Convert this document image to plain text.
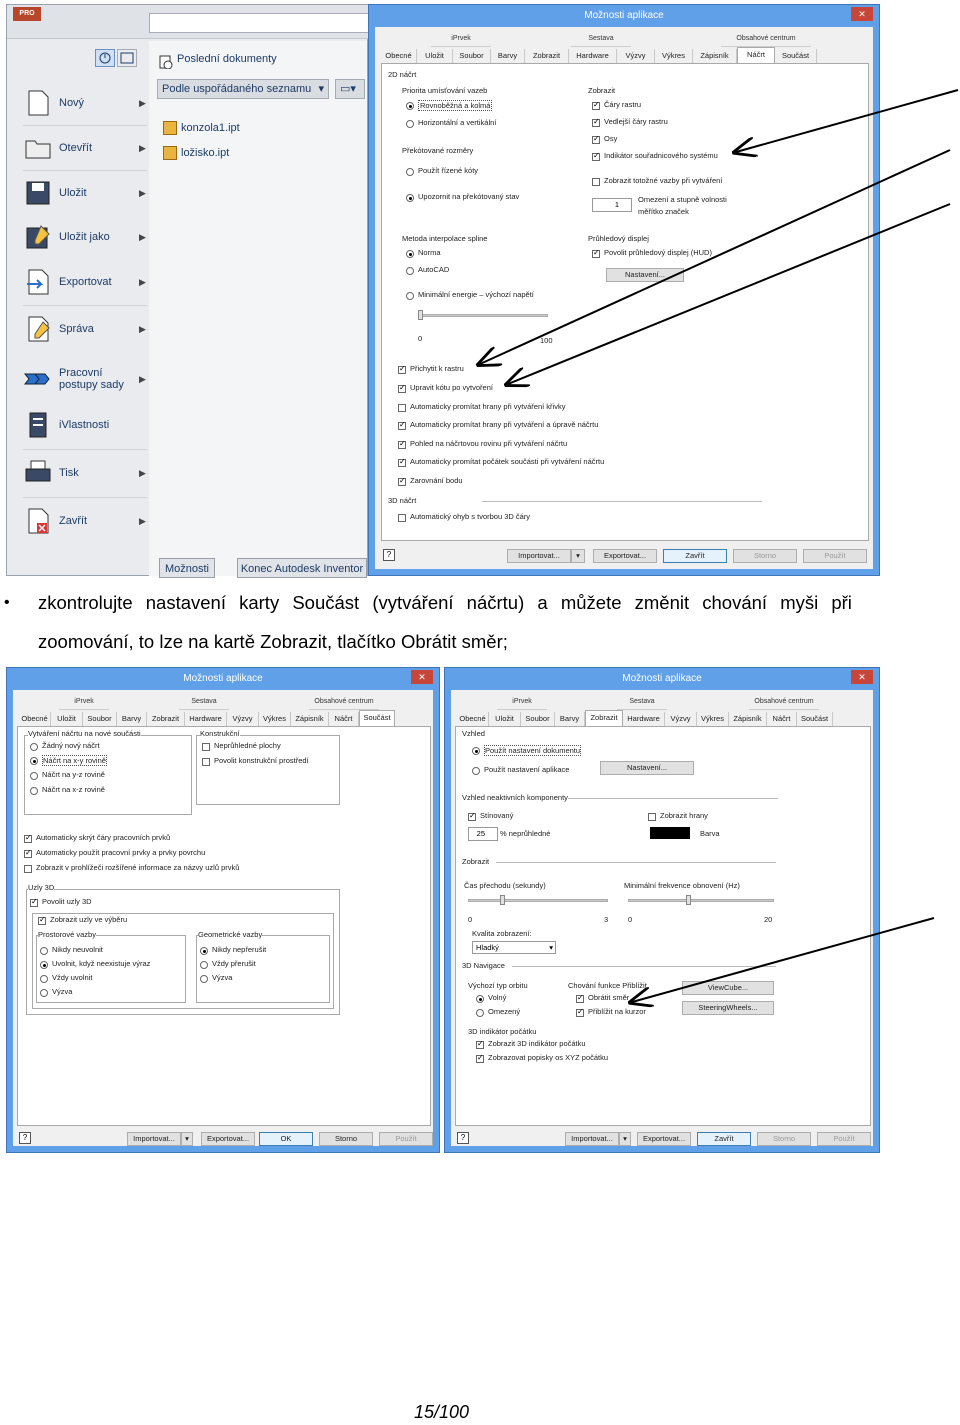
PRO
Nový	▶
Otevřít	▶
Uložit	▶
Uložit jako	▶
Exportovat	▶
Správa	▶
Pracovní postupy sady
▶
iVlastnosti
Tisk	▶
Zavřít	▶
Poslední dokumenty
Podle uspořádaného seznamu ▾	▭▾
konzola1.ipt
ložisko.ipt
Možnosti	Konec Autodesk Inventor
Možnosti aplikace	✕
iPrvek	Sestava	Obsahové centrum
Obecné	Uložit	Soubor	Barvy	Zobrazit	Hardware	Výzvy	Výkres	Zápisník	Náčrt	Součást
2D náčrt
Priorita umísťování vazeb
Rovnoběžná a kolmá
Horizontální a vertikální
Zobrazit
✓
Čáry rastru
✓
Vedlejší čáry rastru
✓
Osy
✓
Indikátor souřadnicového systému
Překótované rozměry
Použít řízené kóty
Upozornit na překótovaný stav
Zobrazit totožné vazby při vytváření
1
Omezení a stupně volnosti měřítko značek
Metoda interpolace spline
Norma
AutoCAD
Minimální energie – výchozí napětí
0	100
Průhledový displej
✓
Povolit průhledový displej (HUD)
Nastavení...
✓
Přichytit k rastru
✓
Upravit kótu po vytvoření
Automaticky promítat hrany při vytváření křivky
✓
Automaticky promítat hrany při vytváření a úpravě náčrtu
✓
Pohled na náčrtovou rovinu při vytváření náčrtu
✓
Automaticky promítat počátek součásti při vytváření náčrtu
✓
Zarovnání bodu
3D náčrt
Automatický ohyb s tvorbou 3D čáry
?	Importovat...	▾	Exportovat...	Zavřít	Storno	Použít
• zkontrolujte nastavení karty Součást (vytváření náčrtu) a můžete změnit chování myši při
zoomování, to lze na kartě Zobrazit, tlačítko Obrátit směr;
Možnosti aplikace	✕
iPrvek	Sestava	Obsahové centrum
Obecné	Uložit	Soubor	Barvy	Zobrazit	Hardware	Výzvy	Výkres	Zápisník	Náčrt	Součást
Vytváření náčrtu na nové součásti
Žádný nový náčrt
Náčrt na x-y rovině
Náčrt na y-z rovině
Náčrt na x-z rovině
Konstrukční
Neprůhledné plochy
Povolit konstrukční prostředí
✓
Automaticky skrýt čáry pracovních prvků
✓
Automaticky použít pracovní prvky a prvky povrchu
Zobrazit v prohlížeči rozšířené informace za názvy uzlů prvků
Uzly 3D
✓
Povolit uzly 3D
✓
Zobrazit uzly ve výběru
Prostorové vazby
Nikdy neuvolnit
Uvolnit, když neexistuje výraz
Vždy uvolnit
Výzva
Geometrické vazby
Nikdy nepřerušit
Vždy přerušit
Výzva
?	Importovat...	▾	Exportovat...	OK	Storno	Použít
Možnosti aplikace	✕
iPrvek	Sestava	Obsahové centrum
Obecné	Uložit	Soubor	Barvy	Zobrazit	Hardware	Výzvy	Výkres	Zápisník	Náčrt	Součást
Vzhled
Použít nastavení dokumentu
Použít nastavení aplikace	Nastavení...
Vzhled neaktivních komponenty
✓
Stínovaný	Zobrazit hrany
25	% neprůhledné	Barva
Zobrazit
Čas přechodu (sekundy)
0	3
Minimální frekvence obnovení (Hz)
0	20
Kvalita zobrazení:
Hladký	▾
3D Navigace
Výchozí typ orbitu
Volný
Omezený
Chování funkce Přiblížit
✓
Obrátit směr
✓
Přiblížit na kurzor
ViewCube...
SteeringWheels...
3D indikátor počátku
✓
Zobrazit 3D indikátor počátku
✓
Zobrazovat popisky os XYZ počátku
?	Importovat...	▾	Exportovat...	Zavřít	Storno	Použít
15/100
